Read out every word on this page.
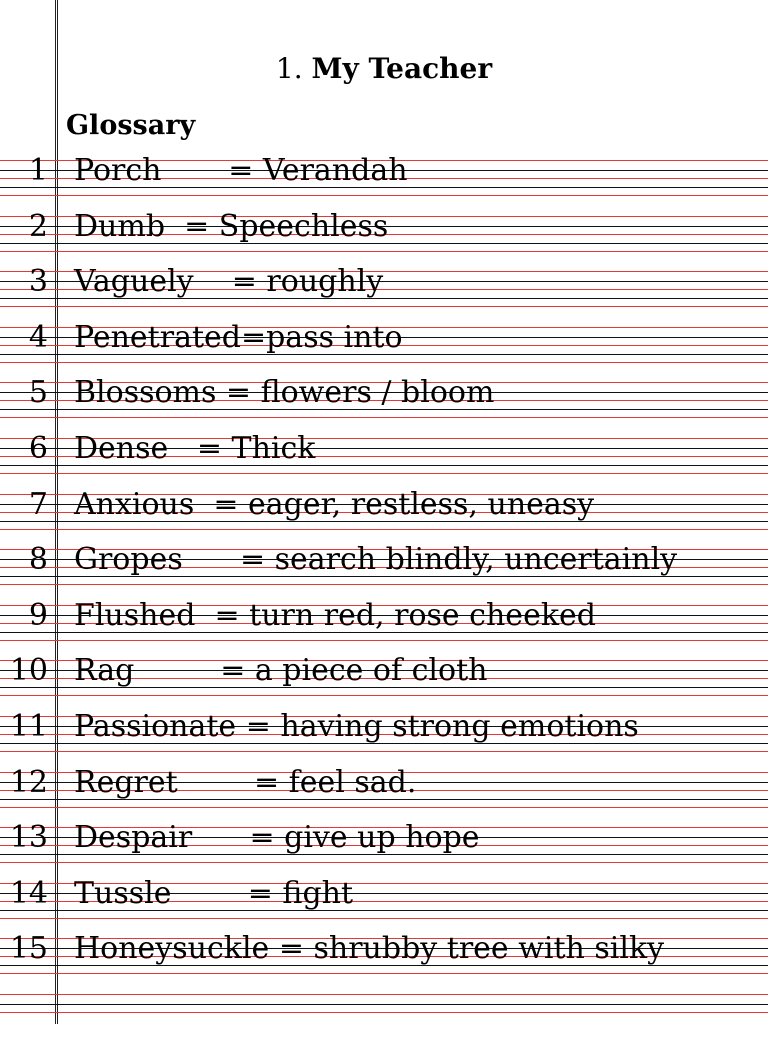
1. My Teacher
Glossary
1 Porch       = Verandah
2 Dumb  = Speechless
3 Vaguely    = roughly
4 Penetrated=pass into
5 Blossoms = flowers / bloom
6 Dense   = Thick
7 Anxious  = eager, restless, uneasy
8 Gropes      = search blindly, uncertainly
9 Flushed  = turn red, rose cheeked
10 Rag         = a piece of cloth
11 Passionate = having strong emotions
12 Regret        = feel sad.
13 Despair      = give up hope
14 Tussle        = fight
15 Honeysuckle = shrubby tree with silky
